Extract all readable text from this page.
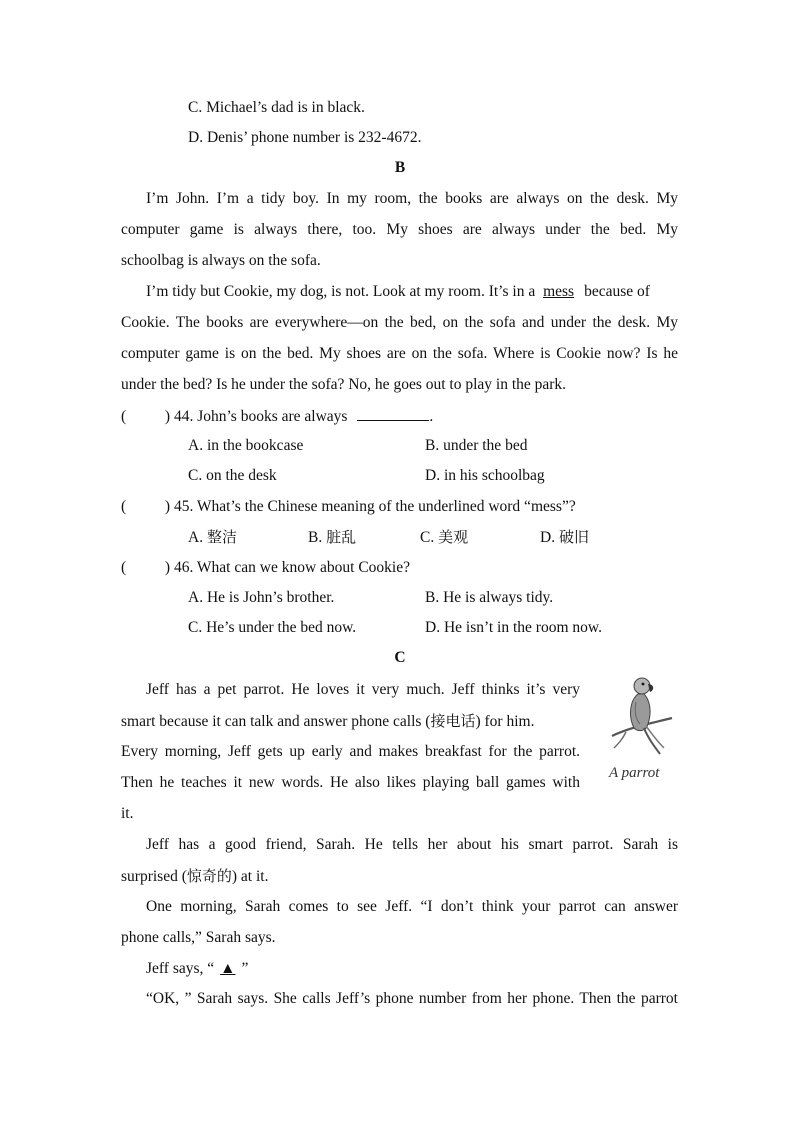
C. Michael’s dad is in black.
D. Denis’ phone number is 232-4672.
B
I’m John. I’m a tidy boy. In my room, the books are always on the desk. My
computer game is always there, too. My shoes are always under the bed. My
schoolbag is always on the sofa.
I’m tidy but Cookie, my dog, is not. Look at my room. It’s in a mess because of
Cookie. The books are everywhere—on the bed, on the sofa and under the desk. My
computer game is on the bed. My shoes are on the sofa. Where is Cookie now? Is he
under the bed? Is he under the sofa? No, he goes out to play in the park.
(          ) 44. John’s books are always	.
A. in the bookcase	B. under the bed
C. on the desk	D. in his schoolbag
(          ) 45. What’s the Chinese meaning of the underlined word “mess”?
A. 整洁	B. 脏乱	C. 美观	D. 破旧
(          ) 46. What can we know about Cookie?
A. He is John’s brother.	B. He is always tidy.
C. He’s under the bed now.	D. He isn’t in the room now.
C
Jeff has a pet parrot. He loves it very much. Jeff thinks it’s very
smart because it can talk and answer phone calls (接电话) for him.
Every morning, Jeff gets up early and makes breakfast for the parrot.
Then he teaches it new words. He also likes playing ball games with
it.
A parrot
Jeff has a good friend, Sarah. He tells her about his smart parrot. Sarah is
surprised (惊奇的) at it.
One morning, Sarah comes to see Jeff. “I don’t think your parrot can answer
phone calls,” Sarah says.
Jeff says, “ ▲ ”
“OK, ” Sarah says. She calls Jeff’s phone number from her phone. Then the parrot
